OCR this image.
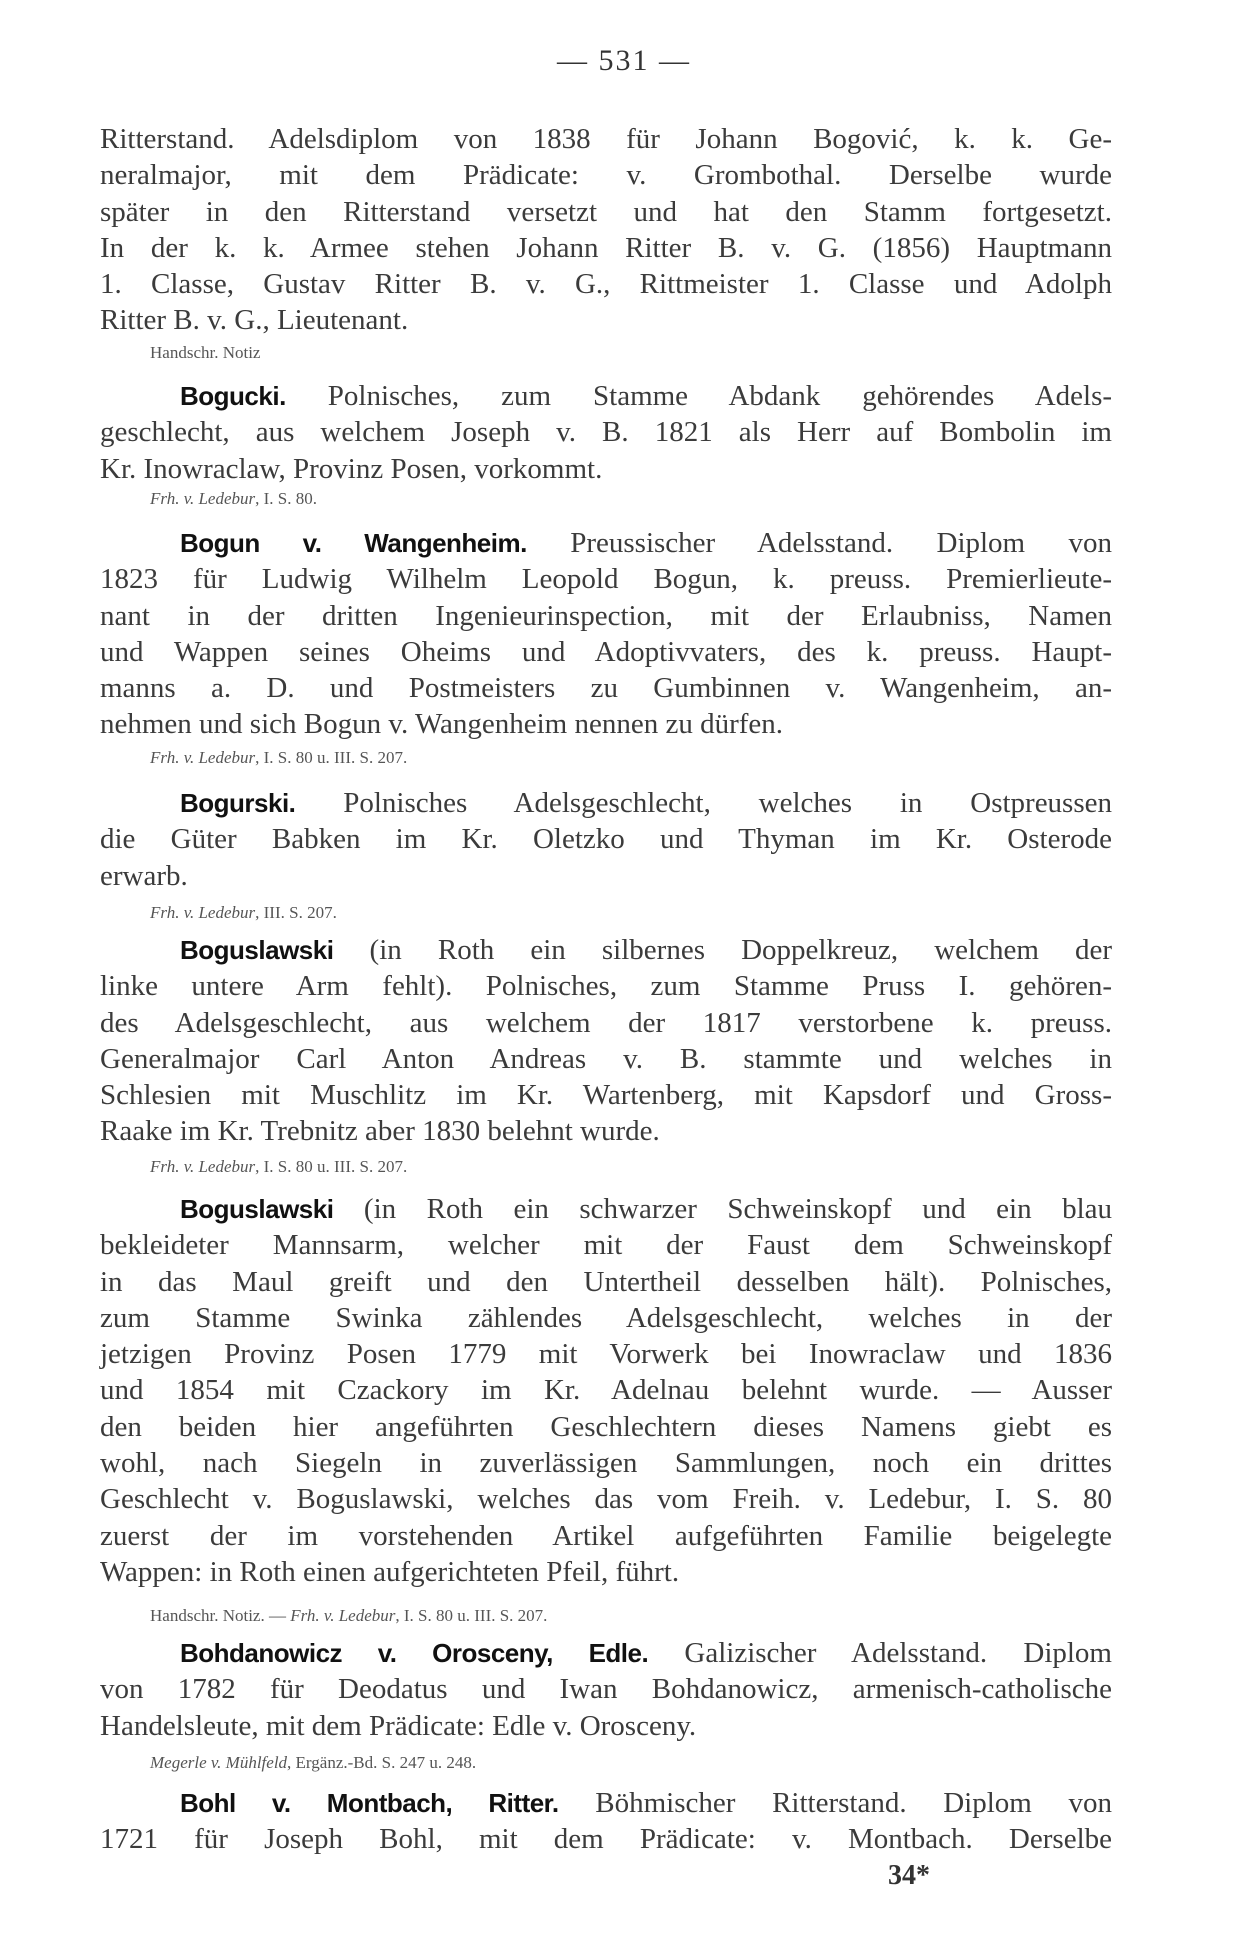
— 531 —
Ritterstand. Adelsdiplom von 1838 für Johann Bogović, k. k. Ge-
neralmajor, mit dem Prädicate: v. Grombothal. Derselbe wurde
später in den Ritterstand versetzt und hat den Stamm fortgesetzt.
In der k. k. Armee stehen Johann Ritter B. v. G. (1856) Hauptmann
1. Classe, Gustav Ritter B. v. G., Rittmeister 1. Classe und Adolph
Ritter B. v. G., Lieutenant.
Handschr. Notiz
Bogucki. Polnisches, zum Stamme Abdank gehörendes Adels-
geschlecht, aus welchem Joseph v. B. 1821 als Herr auf Bombolin im
Kr. Inowraclaw, Provinz Posen, vorkommt.
Frh. v. Ledebur, I. S. 80.
Bogun v. Wangenheim. Preussischer Adelsstand. Diplom von
1823 für Ludwig Wilhelm Leopold Bogun, k. preuss. Premierlieute-
nant in der dritten Ingenieurinspection, mit der Erlaubniss, Namen
und Wappen seines Oheims und Adoptivvaters, des k. preuss. Haupt-
manns a. D. und Postmeisters zu Gumbinnen v. Wangenheim, an-
nehmen und sich Bogun v. Wangenheim nennen zu dürfen.
Frh. v. Ledebur, I. S. 80 u. III. S. 207.
Bogurski. Polnisches Adelsgeschlecht, welches in Ostpreussen
die Güter Babken im Kr. Oletzko und Thyman im Kr. Osterode
erwarb.
Frh. v. Ledebur, III. S. 207.
Boguslawski (in Roth ein silbernes Doppelkreuz, welchem der
linke untere Arm fehlt). Polnisches, zum Stamme Pruss I. gehören-
des Adelsgeschlecht, aus welchem der 1817 verstorbene k. preuss.
Generalmajor Carl Anton Andreas v. B. stammte und welches in
Schlesien mit Muschlitz im Kr. Wartenberg, mit Kapsdorf und Gross-
Raake im Kr. Trebnitz aber 1830 belehnt wurde.
Frh. v. Ledebur, I. S. 80 u. III. S. 207.
Boguslawski (in Roth ein schwarzer Schweinskopf und ein blau
bekleideter Mannsarm, welcher mit der Faust dem Schweinskopf
in das Maul greift und den Untertheil desselben hält). Polnisches,
zum Stamme Swinka zählendes Adelsgeschlecht, welches in der
jetzigen Provinz Posen 1779 mit Vorwerk bei Inowraclaw und 1836
und 1854 mit Czackory im Kr. Adelnau belehnt wurde. — Ausser
den beiden hier angeführten Geschlechtern dieses Namens giebt es
wohl, nach Siegeln in zuverlässigen Sammlungen, noch ein drittes
Geschlecht v. Boguslawski, welches das vom Freih. v. Ledebur, I. S. 80
zuerst der im vorstehenden Artikel aufgeführten Familie beigelegte
Wappen: in Roth einen aufgerichteten Pfeil, führt.
Handschr. Notiz. — Frh. v. Ledebur, I. S. 80 u. III. S. 207.
Bohdanowicz v. Orosceny, Edle. Galizischer Adelsstand. Diplom
von 1782 für Deodatus und Iwan Bohdanowicz, armenisch-catholische
Handelsleute, mit dem Prädicate: Edle v. Orosceny.
Megerle v. Mühlfeld, Ergänz.-Bd. S. 247 u. 248.
Bohl v. Montbach, Ritter. Böhmischer Ritterstand. Diplom von
1721 für Joseph Bohl, mit dem Prädicate: v. Montbach. Derselbe
34*
